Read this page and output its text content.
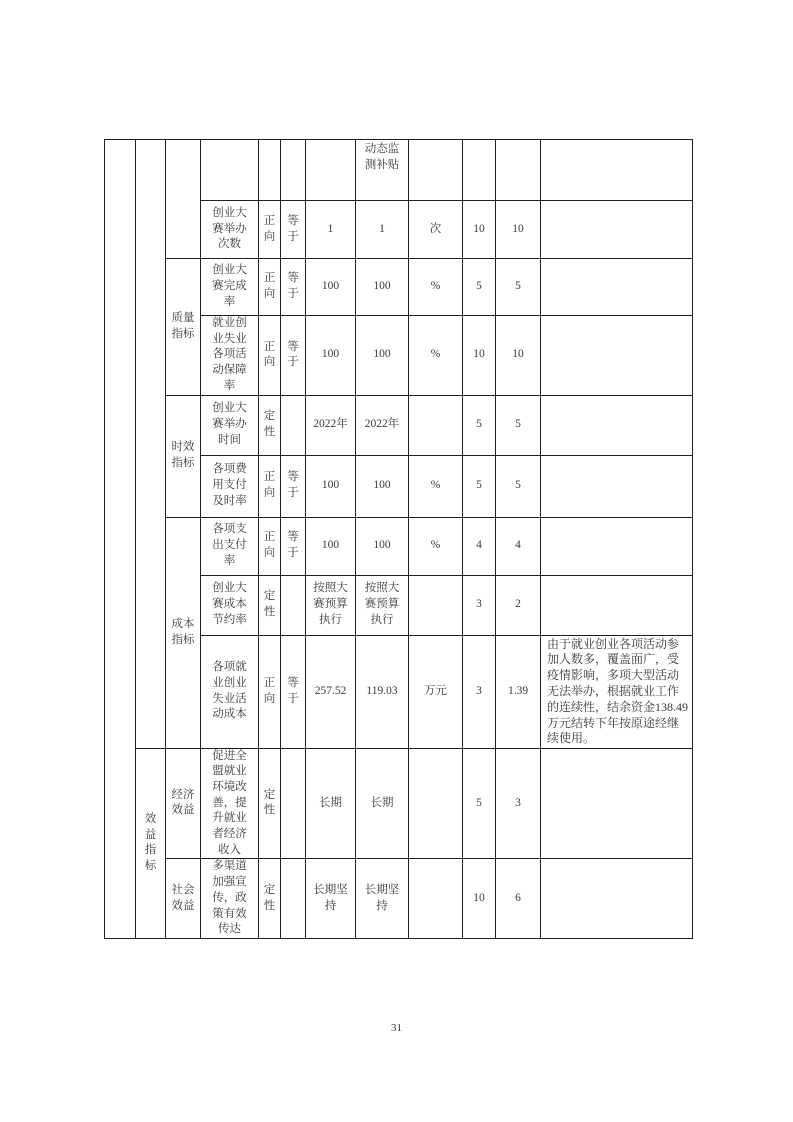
							动态监测补贴				

			创业大赛举办次数	正向	等于	1	1	次	10	10	

		质量指标	创业大赛完成率	正向	等于	100	100	%	5	5	

			就业创业失业各项活动保障率	正向	等于	100	100	%	10	10	

		时效指标	创业大赛举办时间	定性		2022年	2022年		5	5	

			各项费用支付及时率	正向	等于	100	100	%	5	5	

		成本指标	各项支出支付率	正向	等于	100	100	%	4	4	

			创业大赛成本节约率	定性		按照大赛预算执行	按照大赛预算执行		3	2	

			各项就业创业失业活动成本	正向	等于	257.52	119.03	万元	3	1.39	由于就业创业各项活动参加人数多，覆盖面广，受疫情影响，多项大型活动无法举办，根据就业工作的连续性，结余资金138.49 万元结转下年按原途经继续使用。

	效益指标	经济效益	促进全盟就业环境改善，提升就业者经济收入	定性		长期	长期		5	3	

		社会效益	多渠道加强宣传，政策有效传达	定性		长期坚持	长期坚持		10	6	
31
